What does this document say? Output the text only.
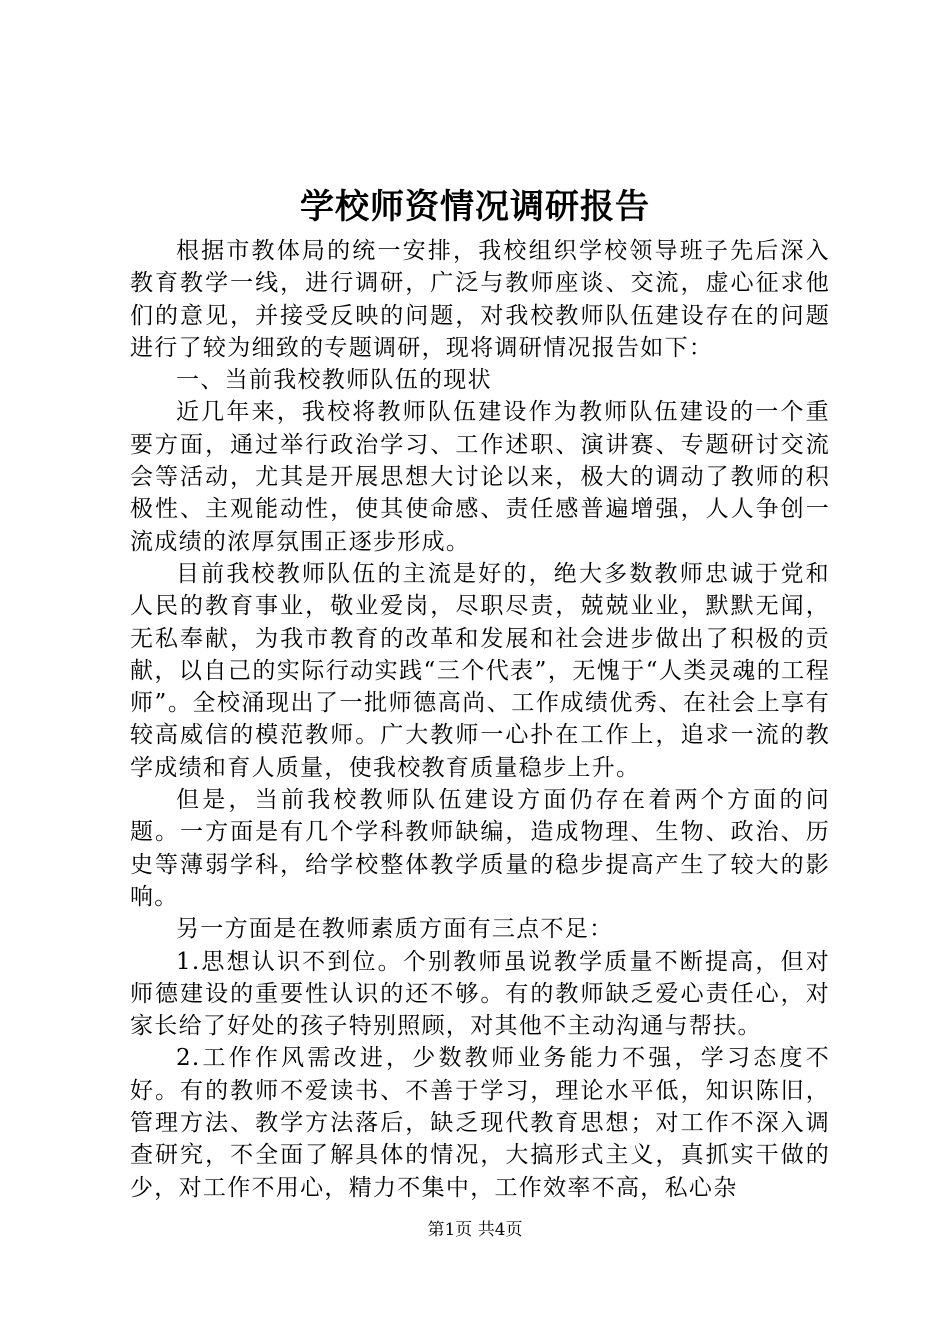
学校师资情况调研报告

根据市教体局的统一安排，我校组织学校领导班子先后深入教育教学一线，进行调研，广泛与教师座谈、交流，虚心征求他们的意见，并接受反映的问题，对我校教师队伍建设存在的问题进行了较为细致的专题调研，现将调研情况报告如下：

一、当前我校教师队伍的现状

近几年来，我校将教师队伍建设作为教师队伍建设的一个重要方面，通过举行政治学习、工作述职、演讲赛、专题研讨交流会等活动，尤其是开展思想大讨论以来，极大的调动了教师的积极性、主观能动性，使其使命感、责任感普遍增强，人人争创一流成绩的浓厚氛围正逐步形成。

目前我校教师队伍的主流是好的，绝大多数教师忠诚于党和人民的教育事业，敬业爱岗，尽职尽责，兢兢业业，默默无闻，无私奉献，为我市教育的改革和发展和社会进步做出了积极的贡献，以自己的实际行动实践“三个代表”，无愧于“人类灵魂的工程师”。全校涌现出了一批师德高尚、工作成绩优秀、在社会上享有较高威信的模范教师。广大教师一心扑在工作上，追求一流的教学成绩和育人质量，使我校教育质量稳步上升。

但是，当前我校教师队伍建设方面仍存在着两个方面的问题。一方面是有几个学科教师缺编，造成物理、生物、政治、历史等薄弱学科，给学校整体教学质量的稳步提高产生了较大的影响。

另一方面是在教师素质方面有三点不足：

1.思想认识不到位。个别教师虽说教学质量不断提高，但对师德建设的重要性认识的还不够。有的教师缺乏爱心责任心，对家长给了好处的孩子特别照顾，对其他不主动沟通与帮扶。

2.工作作风需改进，少数教师业务能力不强，学习态度不好。有的教师不爱读书、不善于学习，理论水平低，知识陈旧，管理方法、教学方法落后，缺乏现代教育思想；对工作不深入调查研究，不全面了解具体的情况，大搞形式主义，真抓实干做的少，对工作不用心，精力不集中，工作效率不高，私心杂

第1页 共4页
